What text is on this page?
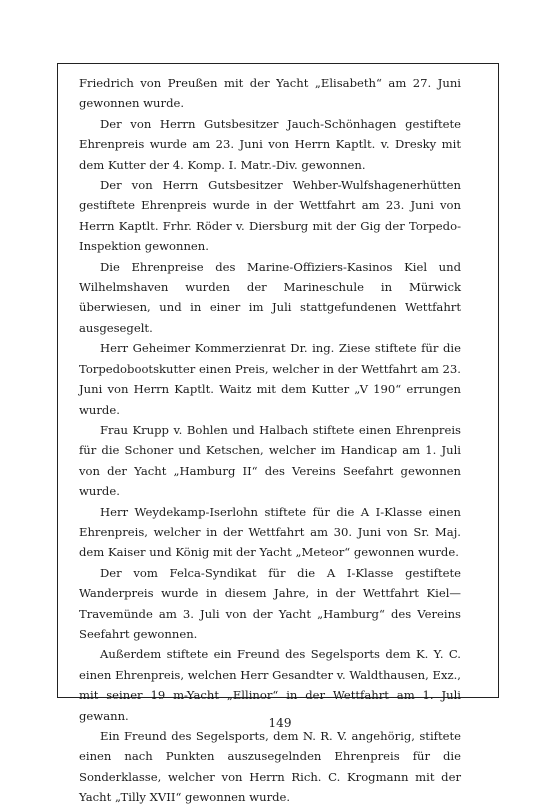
Friedrich von Preußen mit der Yacht „Elisabeth“ am 27. Juni gewonnen wurde.

Der von Herrn Gutsbesitzer Jauch-Schönhagen gestiftete Ehrenpreis wurde am 23. Juni von Herrn Kaptlt. v. Dresky mit dem Kutter der 4. Komp. I. Matr.-Div. gewonnen.

Der von Herrn Gutsbesitzer Wehber-Wulfshagenerhütten gestiftete Ehrenpreis wurde in der Wettfahrt am 23. Juni von Herrn Kaptlt. Frhr. Röder v. Diersburg mit der Gig der Torpedo-Inspektion gewonnen.

Die Ehrenpreise des Marine-Offiziers-Kasinos Kiel und Wilhelmshaven wurden der Marineschule in Mürwick überwiesen, und in einer im Juli stattgefundenen Wettfahrt ausgesegelt.

Herr Geheimer Kommerzienrat Dr. ing. Ziese stiftete für die Torpedobootskutter einen Preis, welcher in der Wettfahrt am 23. Juni von Herrn Kaptlt. Waitz mit dem Kutter „V 190“ errungen wurde.

Frau Krupp v. Bohlen und Halbach stiftete einen Ehrenpreis für die Schoner und Ketschen, welcher im Handicap am 1. Juli von der Yacht „Hamburg II“ des Vereins Seefahrt gewonnen wurde.

Herr Weydekamp-Iserlohn stiftete für die A I-Klasse einen Ehrenpreis, welcher in der Wettfahrt am 30. Juni von Sr. Maj. dem Kaiser und König mit der Yacht „Meteor“ gewonnen wurde.

Der vom Felca-Syndikat für die A I-Klasse gestiftete Wanderpreis wurde in diesem Jahre, in der Wettfahrt Kiel—Travemünde am 3. Juli von der Yacht „Hamburg“ des Vereins Seefahrt gewonnen.

Außerdem stiftete ein Freund des Segelsports dem K. Y. C. einen Ehrenpreis, welchen Herr Gesandter v. Waldthausen, Exz., mit seiner 19 m-Yacht „Ellinor“ in der Wettfahrt am 1. Juli gewann.

Ein Freund des Segelsports, dem N. R. V. angehörig, stiftete einen nach Punkten auszusegelnden Ehrenpreis für die Sonderklasse, welcher von Herrn Rich. C. Krogmann mit der Yacht „Tilly XVII“ gewonnen wurde.

149
